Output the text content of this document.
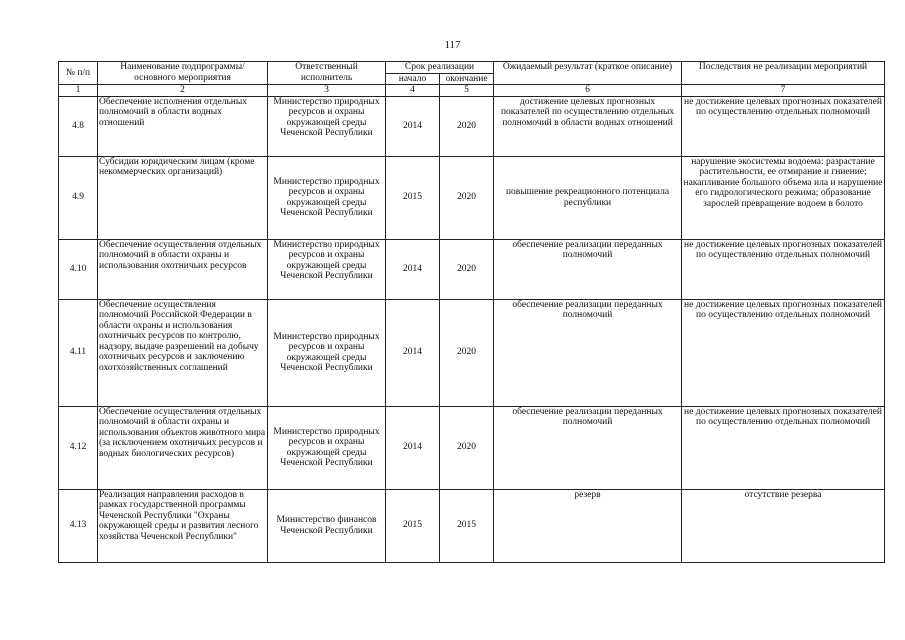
117
№ п/п	Наименование подпрограммы/ основного мероприятия	Ответственный исполнитель	Срок реализации		Ожидаемый результат (краткое описание)	Последствия не реализации мероприятий
			начало	окончание		
1	2	3	4	5	6	7
4.8	Обеспечение исполнения отдельных полномочий в области водных отношений	Министерство природных ресурсов и охраны окружающей среды Чеченской Республики	2014	2020	достижение целевых прогнозных показателей по осуществлению отдельных полномочий в области водных отношений	не достижение целевых прогнозных показателей по осуществлению отдельных полномочий
4.9	Субсидии юридическим лицам (кроме некоммерческих организаций)	Министерство природных ресурсов и охраны окружающей среды Чеченской Республики	2015	2020	повышение рекреационного потенциала республики	нарушение экосистемы водоема: разрастание растительности, ее отмирание и гниение; накапливание большого объема ила и нарушение его гидрологического режима; образование зарослей превращение водоем в болото
4.10	Обеспечение осуществления отдельных полномочий в области охраны и использования охотничьих ресурсов	Министерство природных ресурсов и охраны окружающей среды Чеченской Республики	2014	2020	обеспечение реализации переданных полномочий	не достижение целевых прогнозных показателей по осуществлению отдельных полномочий
4.11	Обеспечение осуществления полномочий Российской Федерации в области охраны и использования охотничьих ресурсов по контролю, надзору, выдаче разрешений на добычу охотничьих ресурсов и заключению охотхозяйственных соглашений	Министерство природных ресурсов и охраны окружающей среды Чеченской Республики	2014	2020	обеспечение реализации переданных полномочий	не достижение целевых прогнозных показателей по осуществлению отдельных полномочий
4.12	Обеспечение осуществления отдельных полномочий в области охраны и использования объектов животного мира (за исключением охотничьих ресурсов и водных биологических ресурсов)	Министерство природных ресурсов и охраны окружающей среды Чеченской Республики	2014	2020	обеспечение реализации переданных полномочий	не достижение целевых прогнозных показателей по осуществлению отдельных полномочий
4.13	Реализация направления расходов в рамках государственной программы Чеченской Республики "Охраны окружающей среды и развития лесного хозяйства Чеченской Республики"	Министерство финансов Чеченской Республики	2015	2015	резерв	отсутствие резерва
